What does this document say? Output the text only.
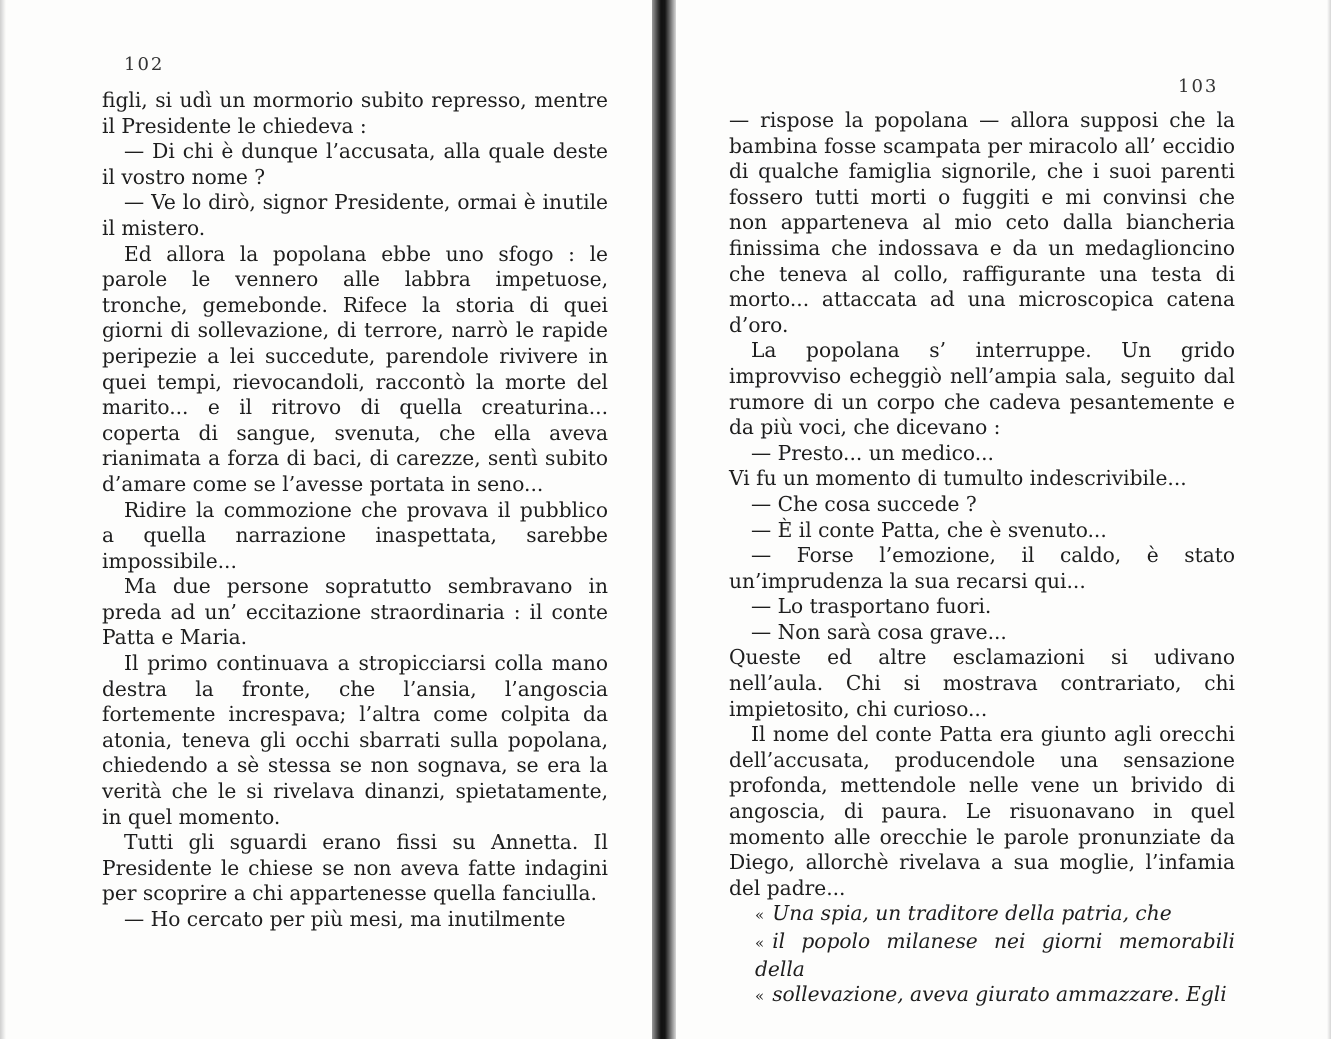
102

figli, si udì un mormorio subito represso, mentre il Presidente le chiedeva :

— Di chi è dunque l’accusata, alla quale deste il vostro nome ?

— Ve lo dirò, signor Presidente, ormai è inutile il mistero.

Ed allora la popolana ebbe uno sfogo : le parole le vennero alle labbra impetuose, tronche, gemebonde. Rifece la storia di quei giorni di sollevazione, di terrore, narrò le rapide peripezie a lei succedute, parendole rivivere in quei tempi, rievocandoli, raccontò la morte del marito... e il ritrovo di quella creaturina... coperta di sangue, svenuta, che ella aveva rianimata a forza di baci, di carezze, sentì subito d’amare come se l’avesse portata in seno...

Ridire la commozione che provava il pubblico a quella narrazione inaspettata, sarebbe impossibile...

Ma due persone sopratutto sembravano in preda ad un’ eccitazione straordinaria : il conte Patta e Maria.

Il primo continuava a stropicciarsi colla mano destra la fronte, che l’ansia, l’angoscia fortemente increspava; l’altra come colpita da atonia, teneva gli occhi sbarrati sulla popolana, chiedendo a sè stessa se non sognava, se era la verità che le si rivelava dinanzi, spietatamente, in quel momento.

Tutti gli sguardi erano fissi su Annetta. Il Presidente le chiese se non aveva fatte indagini per scoprire a chi appartenesse quella fanciulla.

— Ho cercato per più mesi, ma inutilmente

103

— rispose la popolana — allora supposi che la bambina fosse scampata per miracolo all’ eccidio di qualche famiglia signorile, che i suoi parenti fossero tutti morti o fuggiti e mi convinsi che non apparteneva al mio ceto dalla biancheria finissima che indossava e da un medaglioncino che teneva al collo, raffigurante una testa di morto... attaccata ad una microscopica catena d’oro.

La popolana s’ interruppe. Un grido improvviso echeggiò nell’ampia sala, seguito dal rumore di un corpo che cadeva pesantemente e da più voci, che dicevano :

— Presto... un medico...

Vi fu un momento di tumulto indescrivibile...

— Che cosa succede ?

— È il conte Patta, che è svenuto...

— Forse l’emozione, il caldo, è stato un’imprudenza la sua recarsi qui...

— Lo trasportano fuori.

— Non sarà cosa grave...

Queste ed altre esclamazioni si udivano nell’aula. Chi si mostrava contrariato, chi impietosito, chi curioso...

Il nome del conte Patta era giunto agli orecchi dell’accusata, producendole una sensazione profonda, mettendole nelle vene un brivido di angoscia, di paura. Le risuonavano in quel momento alle orecchie le parole pronunziate da Diego, allorchè rivelava a sua moglie, l’infamia del padre...

« Una spia, un traditore della patria, che

« il popolo milanese nei giorni memorabili della

« sollevazione, aveva giurato ammazzare. Egli
